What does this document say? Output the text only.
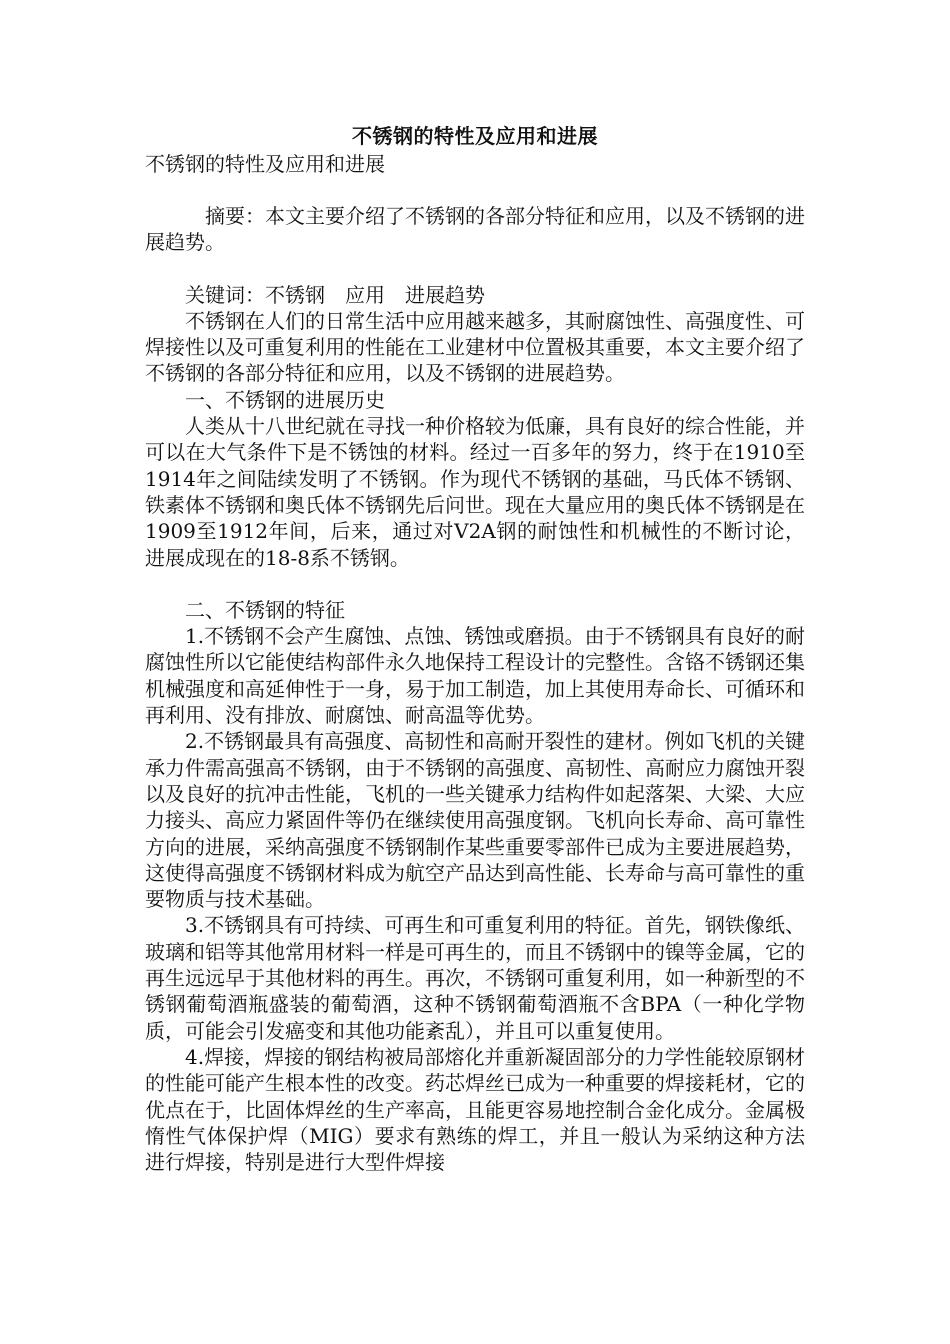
不锈钢的特性及应用和进展
不锈钢的特性及应用和进展

摘要：本文主要介绍了不锈钢的各部分特征和应用，以及不锈钢的进展趋势。

关键词：不锈钢　应用　进展趋势

不锈钢在人们的日常生活中应用越来越多，其耐腐蚀性、高强度性、可焊接性以及可重复利用的性能在工业建材中位置极其重要，本文主要介绍了不锈钢的各部分特征和应用，以及不锈钢的进展趋势。

一、不锈钢的进展历史

人类从十八世纪就在寻找一种价格较为低廉，具有良好的综合性能，并可以在大气条件下是不锈蚀的材料。经过一百多年的努力，终于在1910至1914年之间陆续发明了不锈钢。作为现代不锈钢的基础，马氏体不锈钢、铁素体不锈钢和奥氏体不锈钢先后问世。现在大量应用的奥氏体不锈钢是在1909至1912年间，后来，通过对V2A钢的耐蚀性和机械性的不断讨论，进展成现在的18-8系不锈钢。

二、不锈钢的特征

1.不锈钢不会产生腐蚀、点蚀、锈蚀或磨损。由于不锈钢具有良好的耐腐蚀性所以它能使结构部件永久地保持工程设计的完整性。含铬不锈钢还集机械强度和高延伸性于一身，易于加工制造，加上其使用寿命长、可循环和再利用、没有排放、耐腐蚀、耐高温等优势。

2.不锈钢最具有高强度、高韧性和高耐开裂性的建材。例如飞机的关键承力件需高强高不锈钢，由于不锈钢的高强度、高韧性、高耐应力腐蚀开裂以及良好的抗冲击性能，飞机的一些关键承力结构件如起落架、大梁、大应力接头、高应力紧固件等仍在继续使用高强度钢。飞机向长寿命、高可靠性方向的进展，采纳高强度不锈钢制作某些重要零部件已成为主要进展趋势，这使得高强度不锈钢材料成为航空产品达到高性能、长寿命与高可靠性的重要物质与技术基础。

3.不锈钢具有可持续、可再生和可重复利用的特征。首先，钢铁像纸、玻璃和铝等其他常用材料一样是可再生的，而且不锈钢中的镍等金属，它的再生远远早于其他材料的再生。再次，不锈钢可重复利用，如一种新型的不锈钢葡萄酒瓶盛装的葡萄酒，这种不锈钢葡萄酒瓶不含BPA（一种化学物质，可能会引发癌变和其他功能紊乱），并且可以重复使用。

4.焊接，焊接的钢结构被局部熔化并重新凝固部分的力学性能较原钢材的性能可能产生根本性的改变。药芯焊丝已成为一种重要的焊接耗材，它的优点在于，比固体焊丝的生产率高，且能更容易地控制合金化成分。金属极惰性气体保护焊（MIG）要求有熟练的焊工，并且一般认为采纳这种方法进行焊接，特别是进行大型件焊接
